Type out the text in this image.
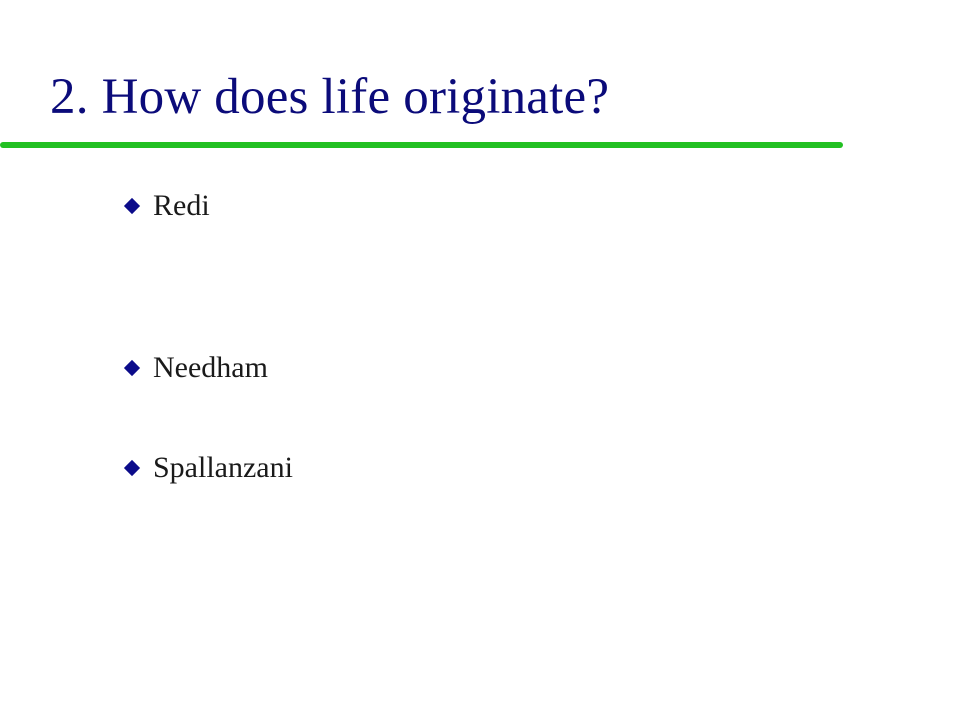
2. How does life originate?
Redi
Needham
Spallanzani
